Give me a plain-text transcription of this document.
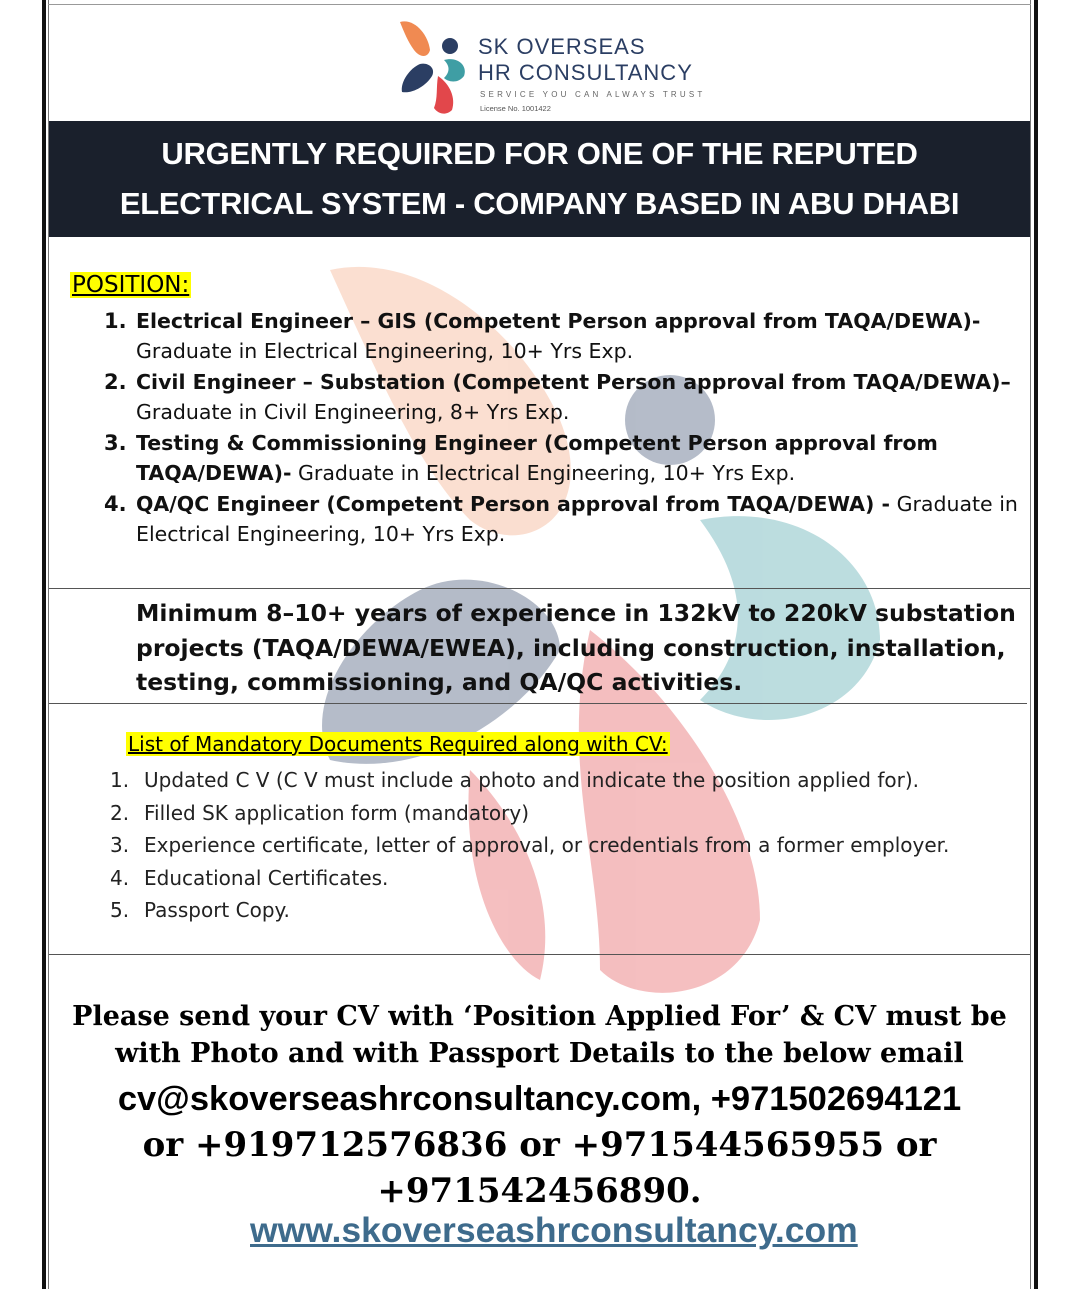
SK OVERSEAS
HR CONSULTANCY
SERVICE YOU CAN ALWAYS TRUST
License No. 1001422
URGENTLY REQUIRED FOR ONE OF THE REPUTED
ELECTRICAL SYSTEM - COMPANY BASED IN ABU DHABI
POSITION:
1. Electrical Engineer – GIS (Competent Person approval from TAQA/DEWA)-
Graduate in Electrical Engineering, 10+ Yrs Exp.
2. Civil Engineer – Substation (Competent Person approval from TAQA/DEWA)–
Graduate in Civil Engineering, 8+ Yrs Exp.
3. Testing & Commissioning Engineer (Competent Person approval from TAQA/DEWA)- Graduate in Electrical Engineering, 10+ Yrs Exp.
4. QA/QC Engineer (Competent Person approval from TAQA/DEWA) - Graduate in Electrical Engineering, 10+ Yrs Exp.
Minimum 8–10+ years of experience in 132kV to 220kV substation projects (TAQA/DEWA/EWEA), including construction, installation, testing, commissioning, and QA/QC activities.
List of Mandatory Documents Required along with CV:
1. Updated C V (C V must include a photo and indicate the position applied for).
2. Filled SK application form (mandatory)
3. Experience certificate, letter of approval, or credentials from a former employer.
4. Educational Certificates.
5. Passport Copy.
Please send your CV with ‘Position Applied For’ & CV must be
with Photo and with Passport Details to the below email
cv@skoverseashrconsultancy.com, +971502694121
or +919712576836 or +971544565955 or
+971542456890.
www.skoverseashrconsultancy.com
